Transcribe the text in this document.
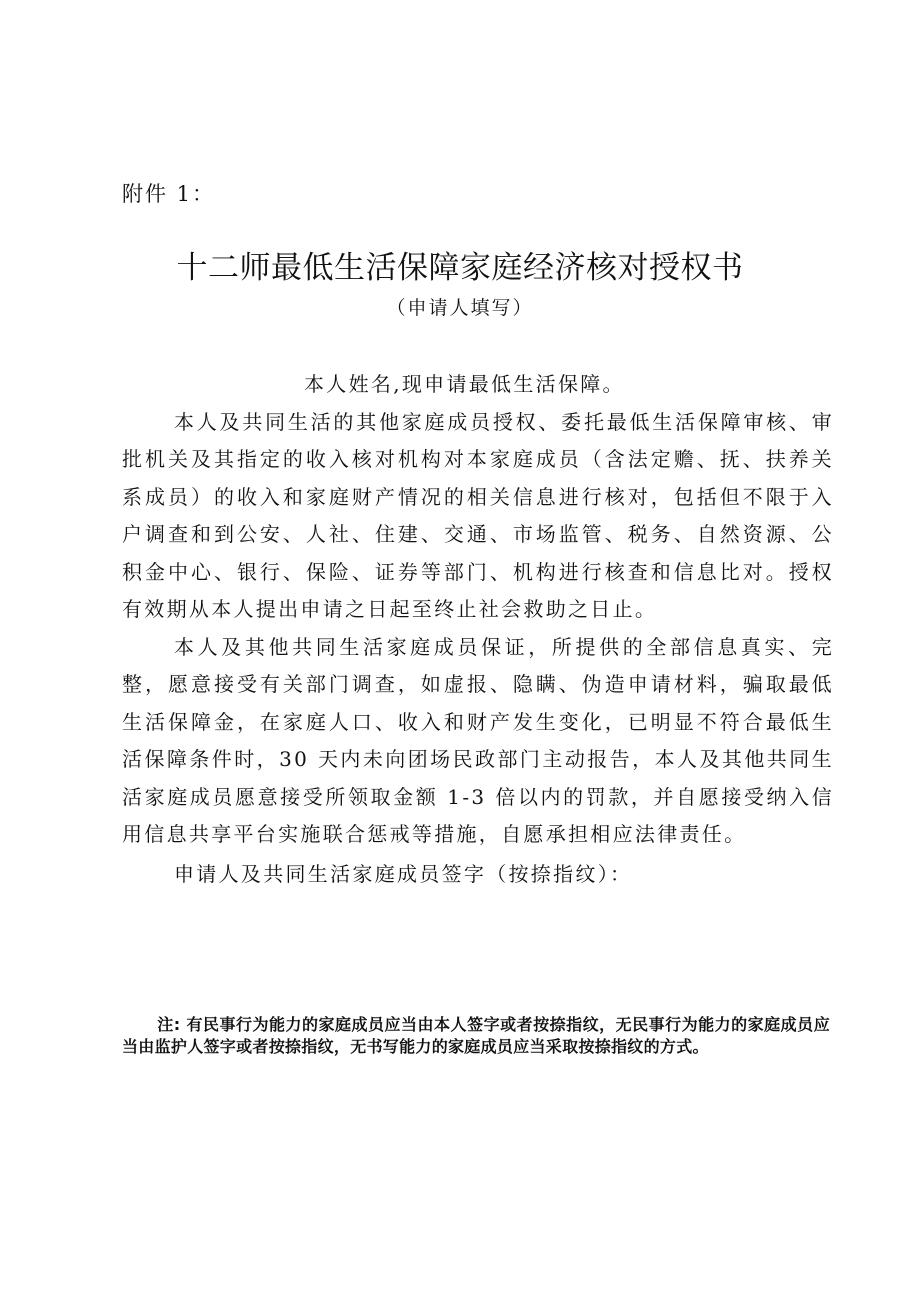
附件 1：
十二师最低生活保障家庭经济核对授权书
（申请人填写）

本人姓名,现申请最低生活保障。

本人及共同生活的其他家庭成员授权、委托最低生活保障审核、审批机关及其指定的收入核对机构对本家庭成员（含法定赡、抚、扶养关系成员）的收入和家庭财产情况的相关信息进行核对，包括但不限于入户调查和到公安、人社、住建、交通、市场监管、税务、自然资源、公积金中心、银行、保险、证券等部门、机构进行核查和信息比对。授权有效期从本人提出申请之日起至终止社会救助之日止。

本人及其他共同生活家庭成员保证，所提供的全部信息真实、完整，愿意接受有关部门调查，如虚报、隐瞒、伪造申请材料，骗取最低生活保障金，在家庭人口、收入和财产发生变化，已明显不符合最低生活保障条件时，30 天内未向团场民政部门主动报告，本人及其他共同生活家庭成员愿意接受所领取金额 1-3 倍以内的罚款，并自愿接受纳入信用信息共享平台实施联合惩戒等措施，自愿承担相应法律责任。

申请人及共同生活家庭成员签字（按捺指纹）：

注: 有民事行为能力的家庭成员应当由本人签字或者按捺指纹，无民事行为能力的家庭成员应当由监护人签字或者按捺指纹，无书写能力的家庭成员应当采取按捺指纹的方式。
